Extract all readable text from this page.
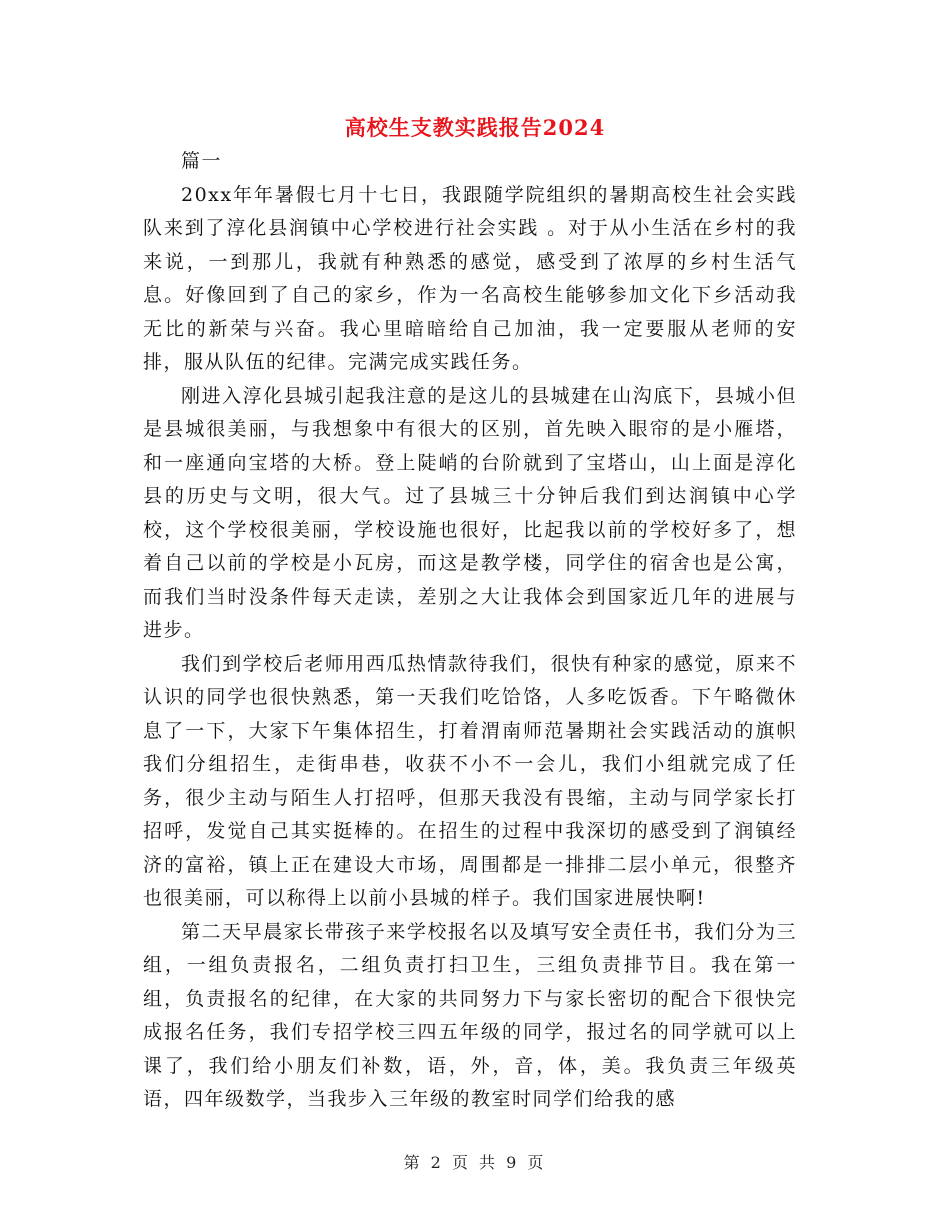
高校生支教实践报告2024

篇一

20xx年年暑假七月十七日，我跟随学院组织的暑期高校生社会实践队来到了淳化县润镇中心学校进行社会实践 。对于从小生活在乡村的我来说，一到那儿，我就有种熟悉的感觉，感受到了浓厚的乡村生活气息。好像回到了自己的家乡，作为一名高校生能够参加文化下乡活动我无比的新荣与兴奋。我心里暗暗给自己加油，我一定要服从老师的安排，服从队伍的纪律。完满完成实践任务。

刚进入淳化县城引起我注意的是这儿的县城建在山沟底下，县城小但是县城很美丽，与我想象中有很大的区别，首先映入眼帘的是小雁塔，和一座通向宝塔的大桥。登上陡峭的台阶就到了宝塔山，山上面是淳化县的历史与文明，很大气。过了县城三十分钟后我们到达润镇中心学校，这个学校很美丽，学校设施也很好，比起我以前的学校好多了，想着自己以前的学校是小瓦房，而这是教学楼，同学住的宿舍也是公寓，而我们当时没条件每天走读，差别之大让我体会到国家近几年的进展与进步。

我们到学校后老师用西瓜热情款待我们，很快有种家的感觉，原来不认识的同学也很快熟悉，第一天我们吃饸饹，人多吃饭香。下午略微休息了一下，大家下午集体招生，打着渭南师范暑期社会实践活动的旗帜我们分组招生，走街串巷，收获不小不一会儿，我们小组就完成了任务，很少主动与陌生人打招呼，但那天我没有畏缩，主动与同学家长打招呼，发觉自己其实挺棒的。在招生的过程中我深切的感受到了润镇经济的富裕，镇上正在建设大市场，周围都是一排排二层小单元，很整齐也很美丽，可以称得上以前小县城的样子。我们国家进展快啊!

第二天早晨家长带孩子来学校报名以及填写安全责任书，我们分为三组，一组负责报名，二组负责打扫卫生，三组负责排节目。我在第一组，负责报名的纪律，在大家的共同努力下与家长密切的配合下很快完成报名任务，我们专招学校三四五年级的同学，报过名的同学就可以上课了，我们给小朋友们补数，语，外，音，体，美。我负责三年级英语，四年级数学，当我步入三年级的教室时同学们给我的感

第 2 页 共 9 页
